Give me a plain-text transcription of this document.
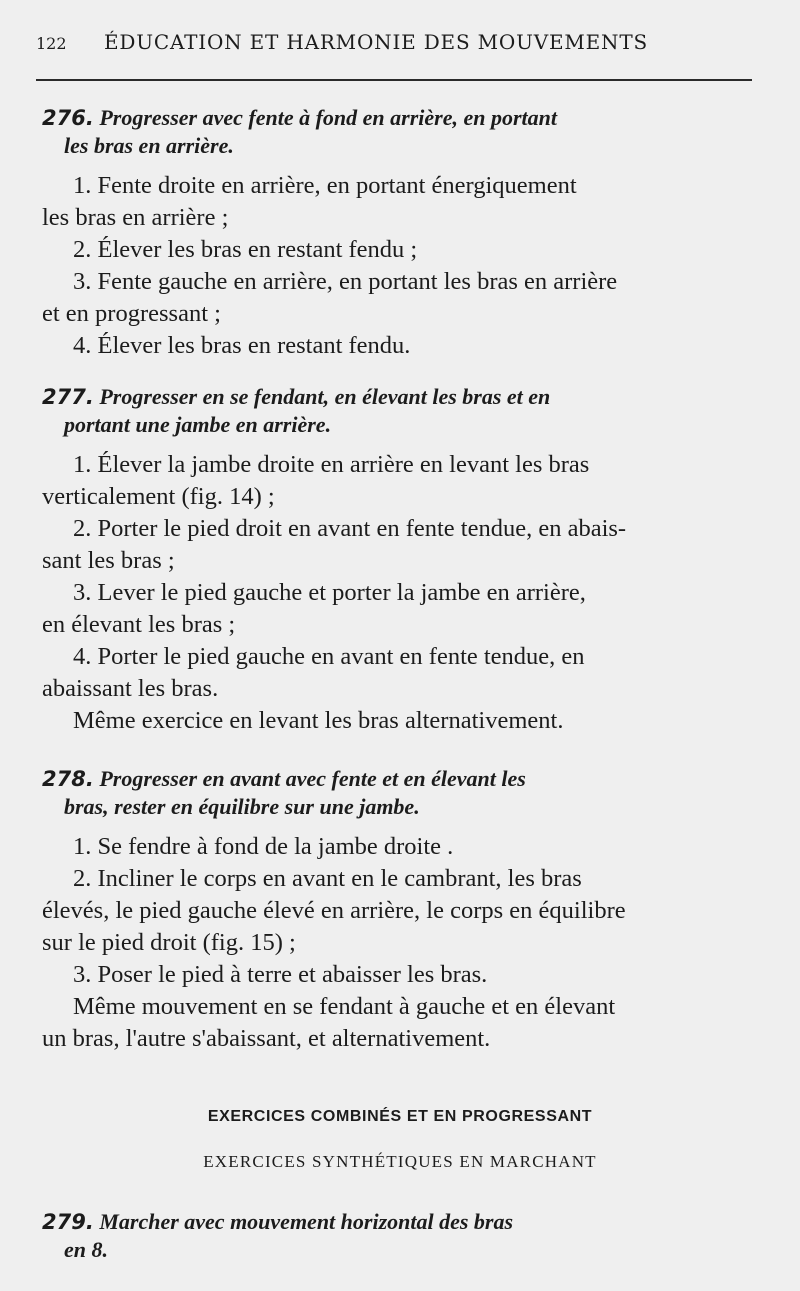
122 ÉDUCATION ET HARMONIE DES MOUVEMENTS
276. Progresser avec fente à fond en arrière, en portant
les bras en arrière.

1. Fente droite en arrière, en portant énergiquement

les bras en arrière ;

2. Élever les bras en restant fendu ;

3. Fente gauche en arrière, en portant les bras en arrière

et en progressant ;

4. Élever les bras en restant fendu.

277. Progresser en se fendant, en élevant les bras et en
portant une jambe en arrière.

1. Élever la jambe droite en arrière en levant les bras

verticalement (fig. 14) ;

2. Porter le pied droit en avant en fente tendue, en abais-

sant les bras ;

3. Lever le pied gauche et porter la jambe en arrière,

en élevant les bras ;

4. Porter le pied gauche en avant en fente tendue, en

abaissant les bras.

Même exercice en levant les bras alternativement.

278. Progresser en avant avec fente et en élevant les
bras, rester en équilibre sur une jambe.

1. Se fendre à fond de la jambe droite .

2. Incliner le corps en avant en le cambrant, les bras

élevés, le pied gauche élevé en arrière, le corps en équilibre

sur le pied droit (fig. 15) ;

3. Poser le pied à terre et abaisser les bras.

Même mouvement en se fendant à gauche et en élevant

un bras, l'autre s'abaissant, et alternativement.

EXERCICES COMBINÉS ET EN PROGRESSANT
EXERCICES SYNTHÉTIQUES EN MARCHANT
279. Marcher avec mouvement horizontal des bras
en 8.
